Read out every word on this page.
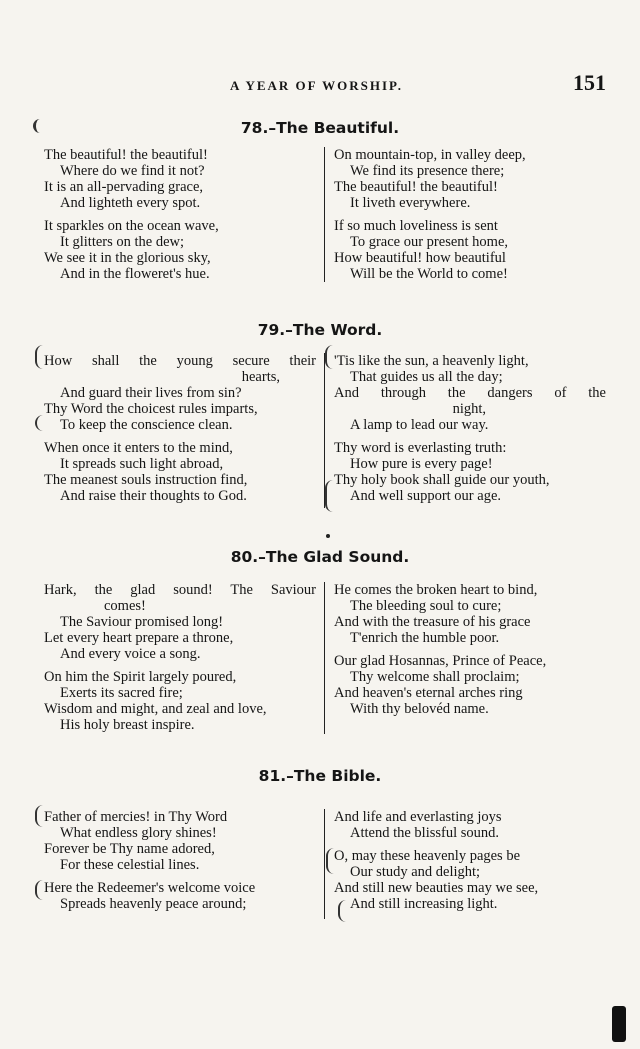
A YEAR OF WORSHIP.	151
78.–The Beautiful.
The beautiful! the beautiful!
Where do we find it not?
It is an all-pervading grace,
And lighteth every spot.
It sparkles on the ocean wave,
It glitters on the dew;
We see it in the glorious sky,
And in the floweret's hue.
On mountain-top, in valley deep,
We find its presence there;
The beautiful! the beautiful!
It liveth everywhere.
If so much loveliness is sent
To grace our present home,
How beautiful! how beautiful
Will be the World to come!
79.–The Word.
How shall the young secure their
hearts,
And guard their lives from sin?
Thy Word the choicest rules imparts,
To keep the conscience clean.
When once it enters to the mind,
It spreads such light abroad,
The meanest souls instruction find,
And raise their thoughts to God.
'Tis like the sun, a heavenly light,
That guides us all the day;
And through the dangers of the
night,
A lamp to lead our way.
Thy word is everlasting truth:
How pure is every page!
Thy holy book shall guide our youth,
And well support our age.
80.–The Glad Sound.
Hark, the glad sound! The Saviour
comes!
The Saviour promised long!
Let every heart prepare a throne,
And every voice a song.
On him the Spirit largely poured,
Exerts its sacred fire;
Wisdom and might, and zeal and love,
His holy breast inspire.
He comes the broken heart to bind,
The bleeding soul to cure;
And with the treasure of his grace
T'enrich the humble poor.
Our glad Hosannas, Prince of Peace,
Thy welcome shall proclaim;
And heaven's eternal arches ring
With thy belovéd name.
81.–The Bible.
Father of mercies! in Thy Word
What endless glory shines!
Forever be Thy name adored,
For these celestial lines.
Here the Redeemer's welcome voice
Spreads heavenly peace around;
And life and everlasting joys
Attend the blissful sound.
O, may these heavenly pages be
Our study and delight;
And still new beauties may we see,
And still increasing light.
